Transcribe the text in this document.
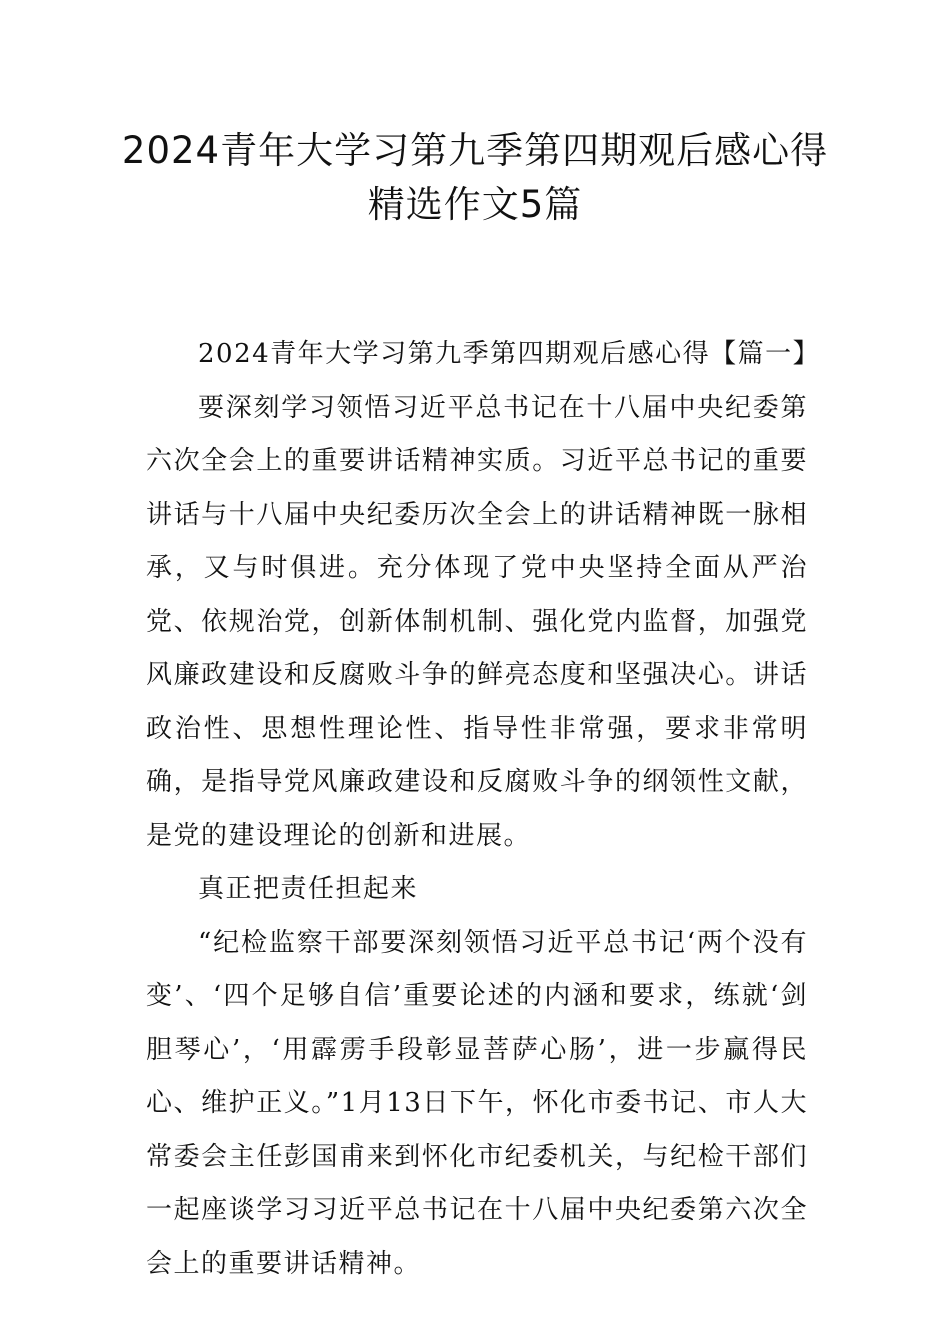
2024青年大学习第九季第四期观后感心得精选作文5篇

2024青年大学习第九季第四期观后感心得【篇一】

要深刻学习领悟习近平总书记在十八届中央纪委第六次全会上的重要讲话精神实质。习近平总书记的重要讲话与十八届中央纪委历次全会上的讲话精神既一脉相承，又与时俱进。充分体现了党中央坚持全面从严治党、依规治党，创新体制机制、强化党内监督，加强党风廉政建设和反腐败斗争的鲜亮态度和坚强决心。讲话政治性、思想性理论性、指导性非常强，要求非常明确，是指导党风廉政建设和反腐败斗争的纲领性文献，是党的建设理论的创新和进展。

真正把责任担起来

“纪检监察干部要深刻领悟习近平总书记‘两个没有变’、‘四个足够自信’重要论述的内涵和要求，练就‘剑胆琴心’，‘用霹雳手段彰显菩萨心肠’，进一步赢得民心、维护正义。”1月13日下午，怀化市委书记、市人大常委会主任彭国甫来到怀化市纪委机关，与纪检干部们一起座谈学习习近平总书记在十八届中央纪委第六次全会上的重要讲话精神。
